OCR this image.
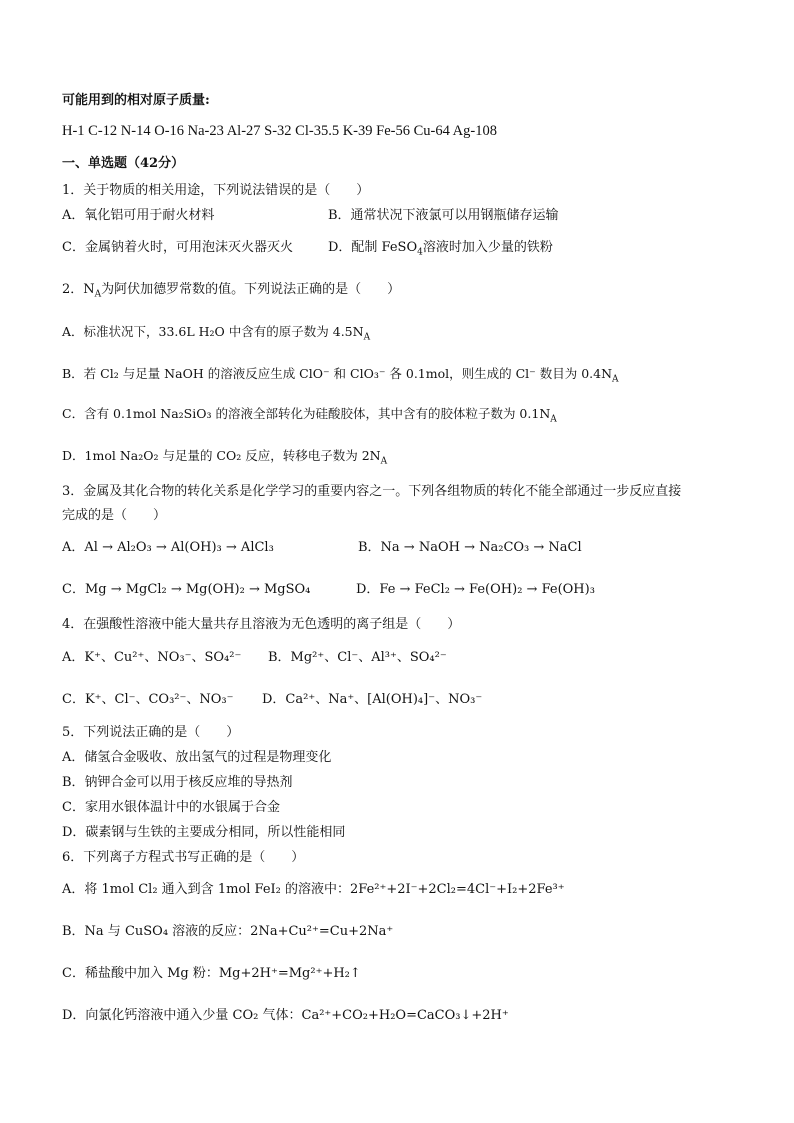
可能用到的相对原子质量:
H-1 C-12 N-14 O-16 Na-23 Al-27 S-32 Cl-35.5 K-39 Fe-56 Cu-64 Ag-108
一、单选题（42分）
1．关于物质的相关用途，下列说法错误的是（　　）
A．氧化铝可用于耐火材料	B．通常状况下液氯可以用钢瓶储存运输
C．金属钠着火时，可用泡沫灭火器灭火	D．配制 FeSO$_4$溶液时加入少量的铁粉
2．$N_A$为阿伏加德罗常数的值。下列说法正确的是（　　）
A．标准状况下，33.6L H₂O 中含有的原子数为 $4.5N_A$
B．若 Cl₂ 与足量 NaOH 的溶液反应生成 ClO⁻ 和 ClO₃⁻ 各 0.1mol，则生成的 Cl⁻ 数目为 $0.4N_A$
C．含有 0.1mol Na₂SiO₃ 的溶液全部转化为硅酸胶体，其中含有的胶体粒子数为 $0.1N_A$
D．1mol Na₂O₂ 与足量的 CO₂ 反应，转移电子数为 $2N_A$
3．金属及其化合物的转化关系是化学学习的重要内容之一。下列各组物质的转化不能全部通过一步反应直接
完成的是（　　）
A．Al → Al₂O₃ → Al(OH)₃ → AlCl₃	B．Na → NaOH → Na₂CO₃ → NaCl
C．Mg → MgCl₂ → Mg(OH)₂ → MgSO₄	D．Fe → FeCl₂ → Fe(OH)₂ → Fe(OH)₃
4．在强酸性溶液中能大量共存且溶液为无色透明的离子组是（　　）
A．K⁺、Cu²⁺、NO₃⁻、SO₄²⁻ B．Mg²⁺、Cl⁻、Al³⁺、SO₄²⁻
C．K⁺、Cl⁻、CO₃²⁻、NO₃⁻ D．Ca²⁺、Na⁺、[Al(OH)₄]⁻、NO₃⁻
5．下列说法正确的是（　　）
A．储氢合金吸收、放出氢气的过程是物理变化
B．钠钾合金可以用于核反应堆的导热剂
C．家用水银体温计中的水银属于合金
D．碳素钢与生铁的主要成分相同，所以性能相同
6．下列离子方程式书写正确的是（　　）
A．将 1mol Cl₂ 通入到含 1mol FeI₂ 的溶液中：2Fe²⁺+2I⁻+2Cl₂=4Cl⁻+I₂+2Fe³⁺
B．Na 与 CuSO₄ 溶液的反应：2Na+Cu²⁺=Cu+2Na⁺
C．稀盐酸中加入 Mg 粉：Mg+2H⁺=Mg²⁺+H₂↑
D．向氯化钙溶液中通入少量 CO₂ 气体：Ca²⁺+CO₂+H₂O=CaCO₃↓+2H⁺
